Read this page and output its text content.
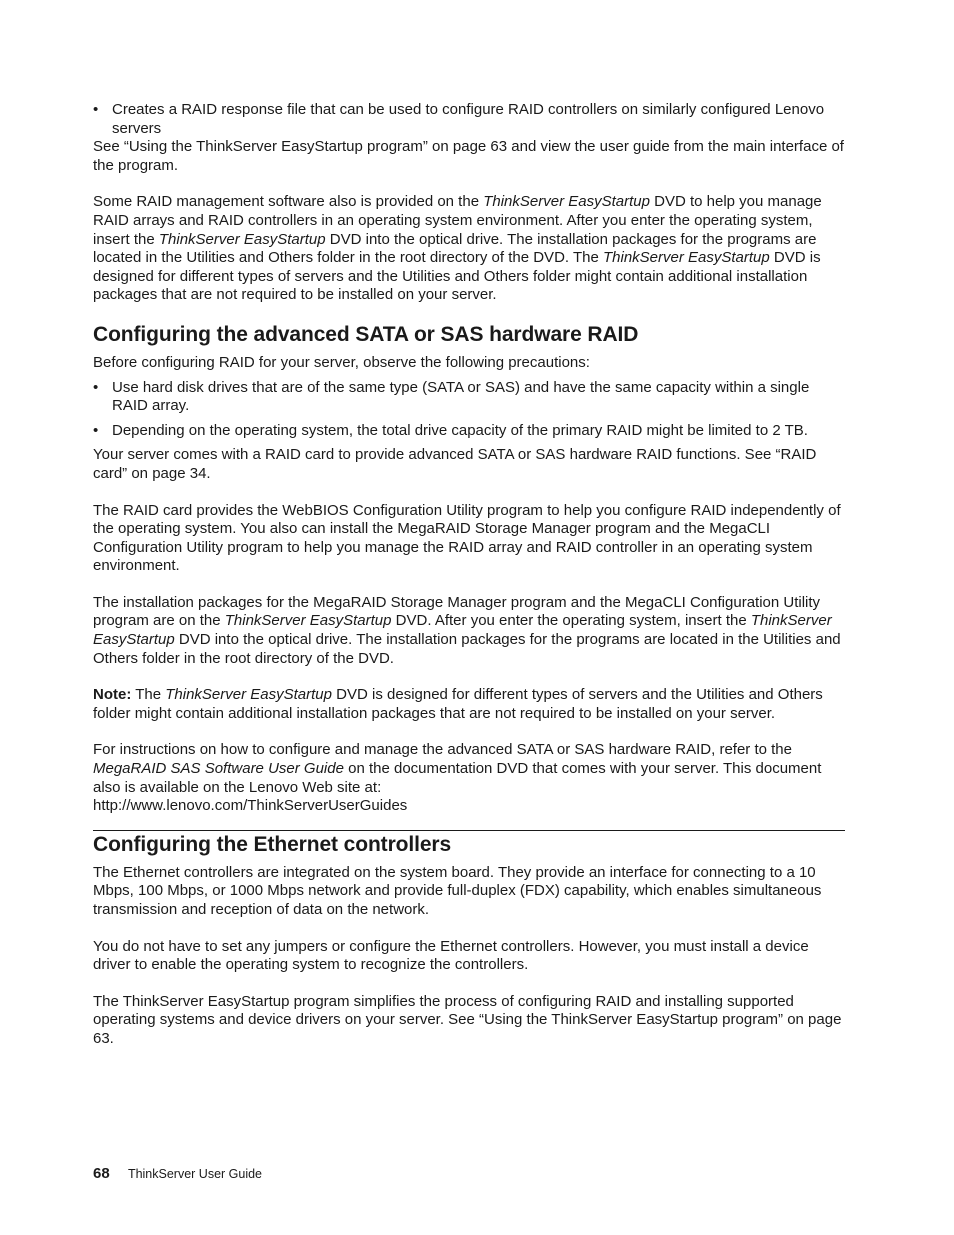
• Creates a RAID response file that can be used to configure RAID controllers on similarly configured Lenovo servers

See “Using the ThinkServer EasyStartup program” on page 63 and view the user guide from the main interface of the program.

Some RAID management software also is provided on the ThinkServer EasyStartup DVD to help you manage RAID arrays and RAID controllers in an operating system environment. After you enter the operating system, insert the ThinkServer EasyStartup DVD into the optical drive. The installation packages for the programs are located in the Utilities and Others folder in the root directory of the DVD. The ThinkServer EasyStartup DVD is designed for different types of servers and the Utilities and Others folder might contain additional installation packages that are not required to be installed on your server.

Configuring the advanced SATA or SAS hardware RAID

Before configuring RAID for your server, observe the following precautions:

• Use hard disk drives that are of the same type (SATA or SAS) and have the same capacity within a single RAID array.
• Depending on the operating system, the total drive capacity of the primary RAID might be limited to 2 TB.

Your server comes with a RAID card to provide advanced SATA or SAS hardware RAID functions. See “RAID card” on page 34.

The RAID card provides the WebBIOS Configuration Utility program to help you configure RAID independently of the operating system. You also can install the MegaRAID Storage Manager program and the MegaCLI Configuration Utility program to help you manage the RAID array and RAID controller in an operating system environment.

The installation packages for the MegaRAID Storage Manager program and the MegaCLI Configuration Utility program are on the ThinkServer EasyStartup DVD. After you enter the operating system, insert the ThinkServer EasyStartup DVD into the optical drive. The installation packages for the programs are located in the Utilities and Others folder in the root directory of the DVD.

Note: The ThinkServer EasyStartup DVD is designed for different types of servers and the Utilities and Others folder might contain additional installation packages that are not required to be installed on your server.

For instructions on how to configure and manage the advanced SATA or SAS hardware RAID, refer to the MegaRAID SAS Software User Guide on the documentation DVD that comes with your server. This document also is available on the Lenovo Web site at:
http://www.lenovo.com/ThinkServerUserGuides

Configuring the Ethernet controllers

The Ethernet controllers are integrated on the system board. They provide an interface for connecting to a 10 Mbps, 100 Mbps, or 1000 Mbps network and provide full-duplex (FDX) capability, which enables simultaneous transmission and reception of data on the network.

You do not have to set any jumpers or configure the Ethernet controllers. However, you must install a device driver to enable the operating system to recognize the controllers.

The ThinkServer EasyStartup program simplifies the process of configuring RAID and installing supported operating systems and device drivers on your server. See “Using the ThinkServer EasyStartup program” on page 63.

68 ThinkServer User Guide
